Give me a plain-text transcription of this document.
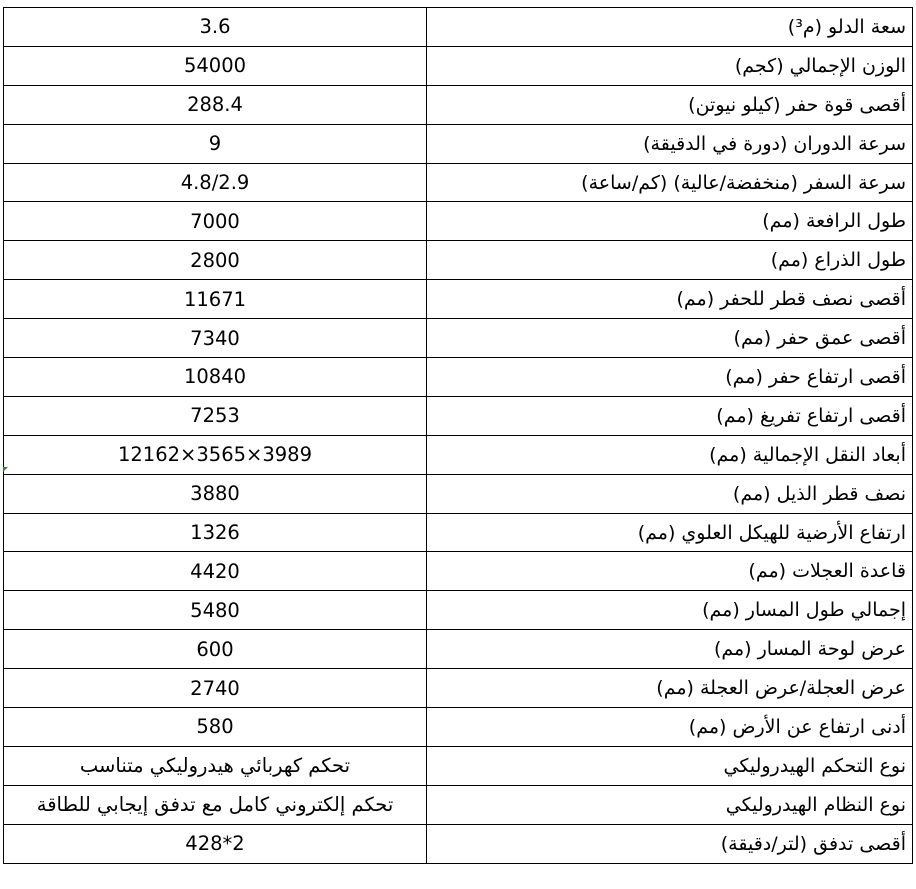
سعة الدلو (م³)	3.6
الوزن الإجمالي (كجم)	54000
أقصى قوة حفر (كيلو نيوتن)	288.4
سرعة الدوران (دورة في الدقيقة)	9
سرعة السفر (منخفضة/عالية) (كم/ساعة)	4.8/2.9
طول الرافعة (مم)	7000
طول الذراع (مم)	2800
أقصى نصف قطر للحفر (مم)	11671
أقصى عمق حفر (مم)	7340
أقصى ارتفاع حفر (مم)	10840
أقصى ارتفاع تفريغ (مم)	7253
أبعاد النقل الإجمالية (مم)	3989×3565×12162
نصف قطر الذيل (مم)	3880
ارتفاع الأرضية للهيكل العلوي (مم)	1326
قاعدة العجلات (مم)	4420
إجمالي طول المسار (مم)	5480
عرض لوحة المسار (مم)	600
عرض العجلة/عرض العجلة (مم)	2740
أدنى ارتفاع عن الأرض (مم)	580
نوع التحكم الهيدروليكي	تحكم كهربائي هيدروليكي متناسب
نوع النظام الهيدروليكي	تحكم إلكتروني كامل مع تدفق إيجابي للطاقة
أقصى تدفق (لتر/دقيقة)	2*428
